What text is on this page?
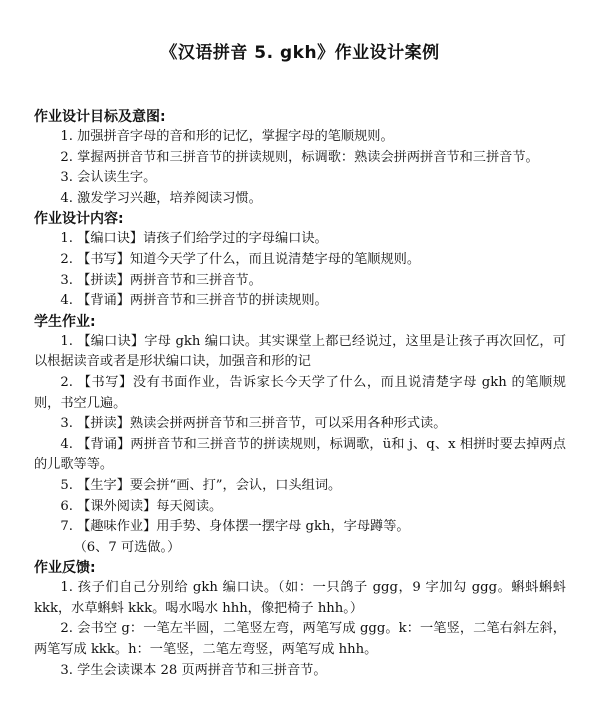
《汉语拼音 5. gkh》作业设计案例

作业设计目标及意图:

1. 加强拼音字母的音和形的记忆，掌握字母的笔顺规则。

2. 掌握两拼音节和三拼音节的拼读规则，标调歌：熟读会拼两拼音节和三拼音节。

3. 会认读生字。

4. 激发学习兴趣，培养阅读习惯。

作业设计内容:

1. 【编口诀】请孩子们给学过的字母编口诀。

2. 【书写】知道今天学了什么，而且说清楚字母的笔顺规则。

3. 【拼读】两拼音节和三拼音节。

4. 【背诵】两拼音节和三拼音节的拼读规则。

学生作业:

1. 【编口诀】字母 gkh 编口诀。其实课堂上都已经说过，这里是让孩子再次回忆，可以根据读音或者是形状编口诀，加强音和形的记

2. 【书写】没有书面作业，告诉家长今天学了什么，而且说清楚字母 gkh 的笔顺规则，书空几遍。

3. 【拼读】熟读会拼两拼音节和三拼音节，可以采用各种形式读。

4. 【背诵】两拼音节和三拼音节的拼读规则，标调歌，ü和 j、q、x 相拼时要去掉两点的儿歌等等。

5. 【生字】要会拼“画、打”，会认，口头组词。

6. 【课外阅读】每天阅读。

7. 【趣味作业】用手势、身体摆一摆字母 gkh，字母蹲等。

（6、7 可选做。）

作业反馈:

1. 孩子们自己分别给 gkh 编口诀。（如：一只鸽子 ggg，9 字加勾 ggg。蝌蚪蝌蚪 kkk，水草蝌蚪 kkk。喝水喝水 hhh，像把椅子 hhh。）

2. 会书空 g：一笔左半圆，二笔竖左弯，两笔写成 ggg。k：一笔竖，二笔右斜左斜，两笔写成 kkk。h：一笔竖，二笔左弯竖，两笔写成 hhh。

3. 学生会读课本 28 页两拼音节和三拼音节。
